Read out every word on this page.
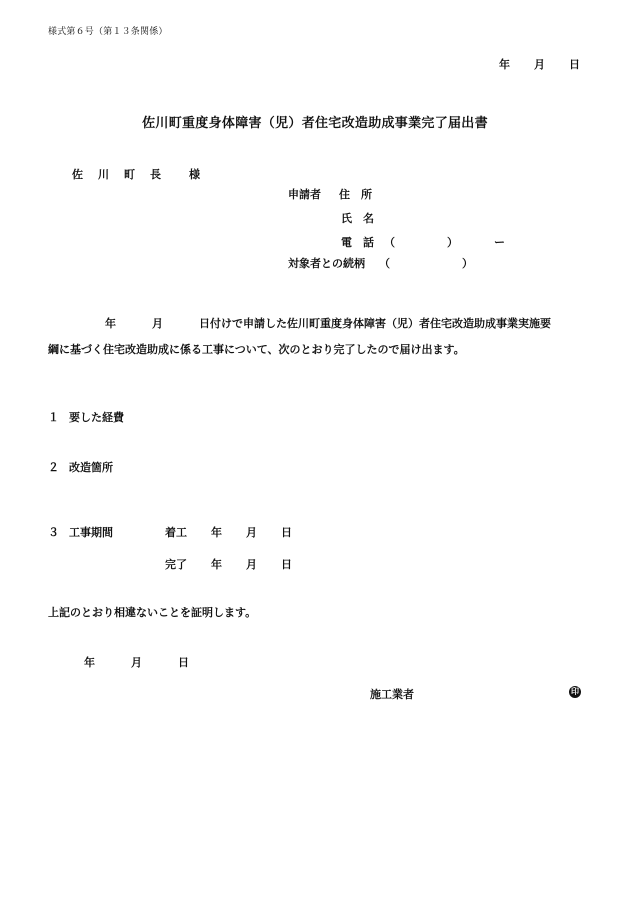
様式第６号（第１３条関係）
年 月 日
佐川町重度身体障害（児）者住宅改造助成事業完了届出書
佐　川　町　長　　様
申請者 住　所
氏　名
電　話 （	）	ー
対象者との続柄 （	）
年	月	日付けで申請した佐川町重度身体障害（児）者住宅改造助成事業実施要
綱に基づく住宅改造助成に係る工事について、次のとおり完了したので届け出ます。
１ 要した経費
２ 改造箇所
３ 工事期間	着工 年 月 日
完了 年 月 日
上記のとおり相違ないことを証明します。
年	月	日
施工業者	印
